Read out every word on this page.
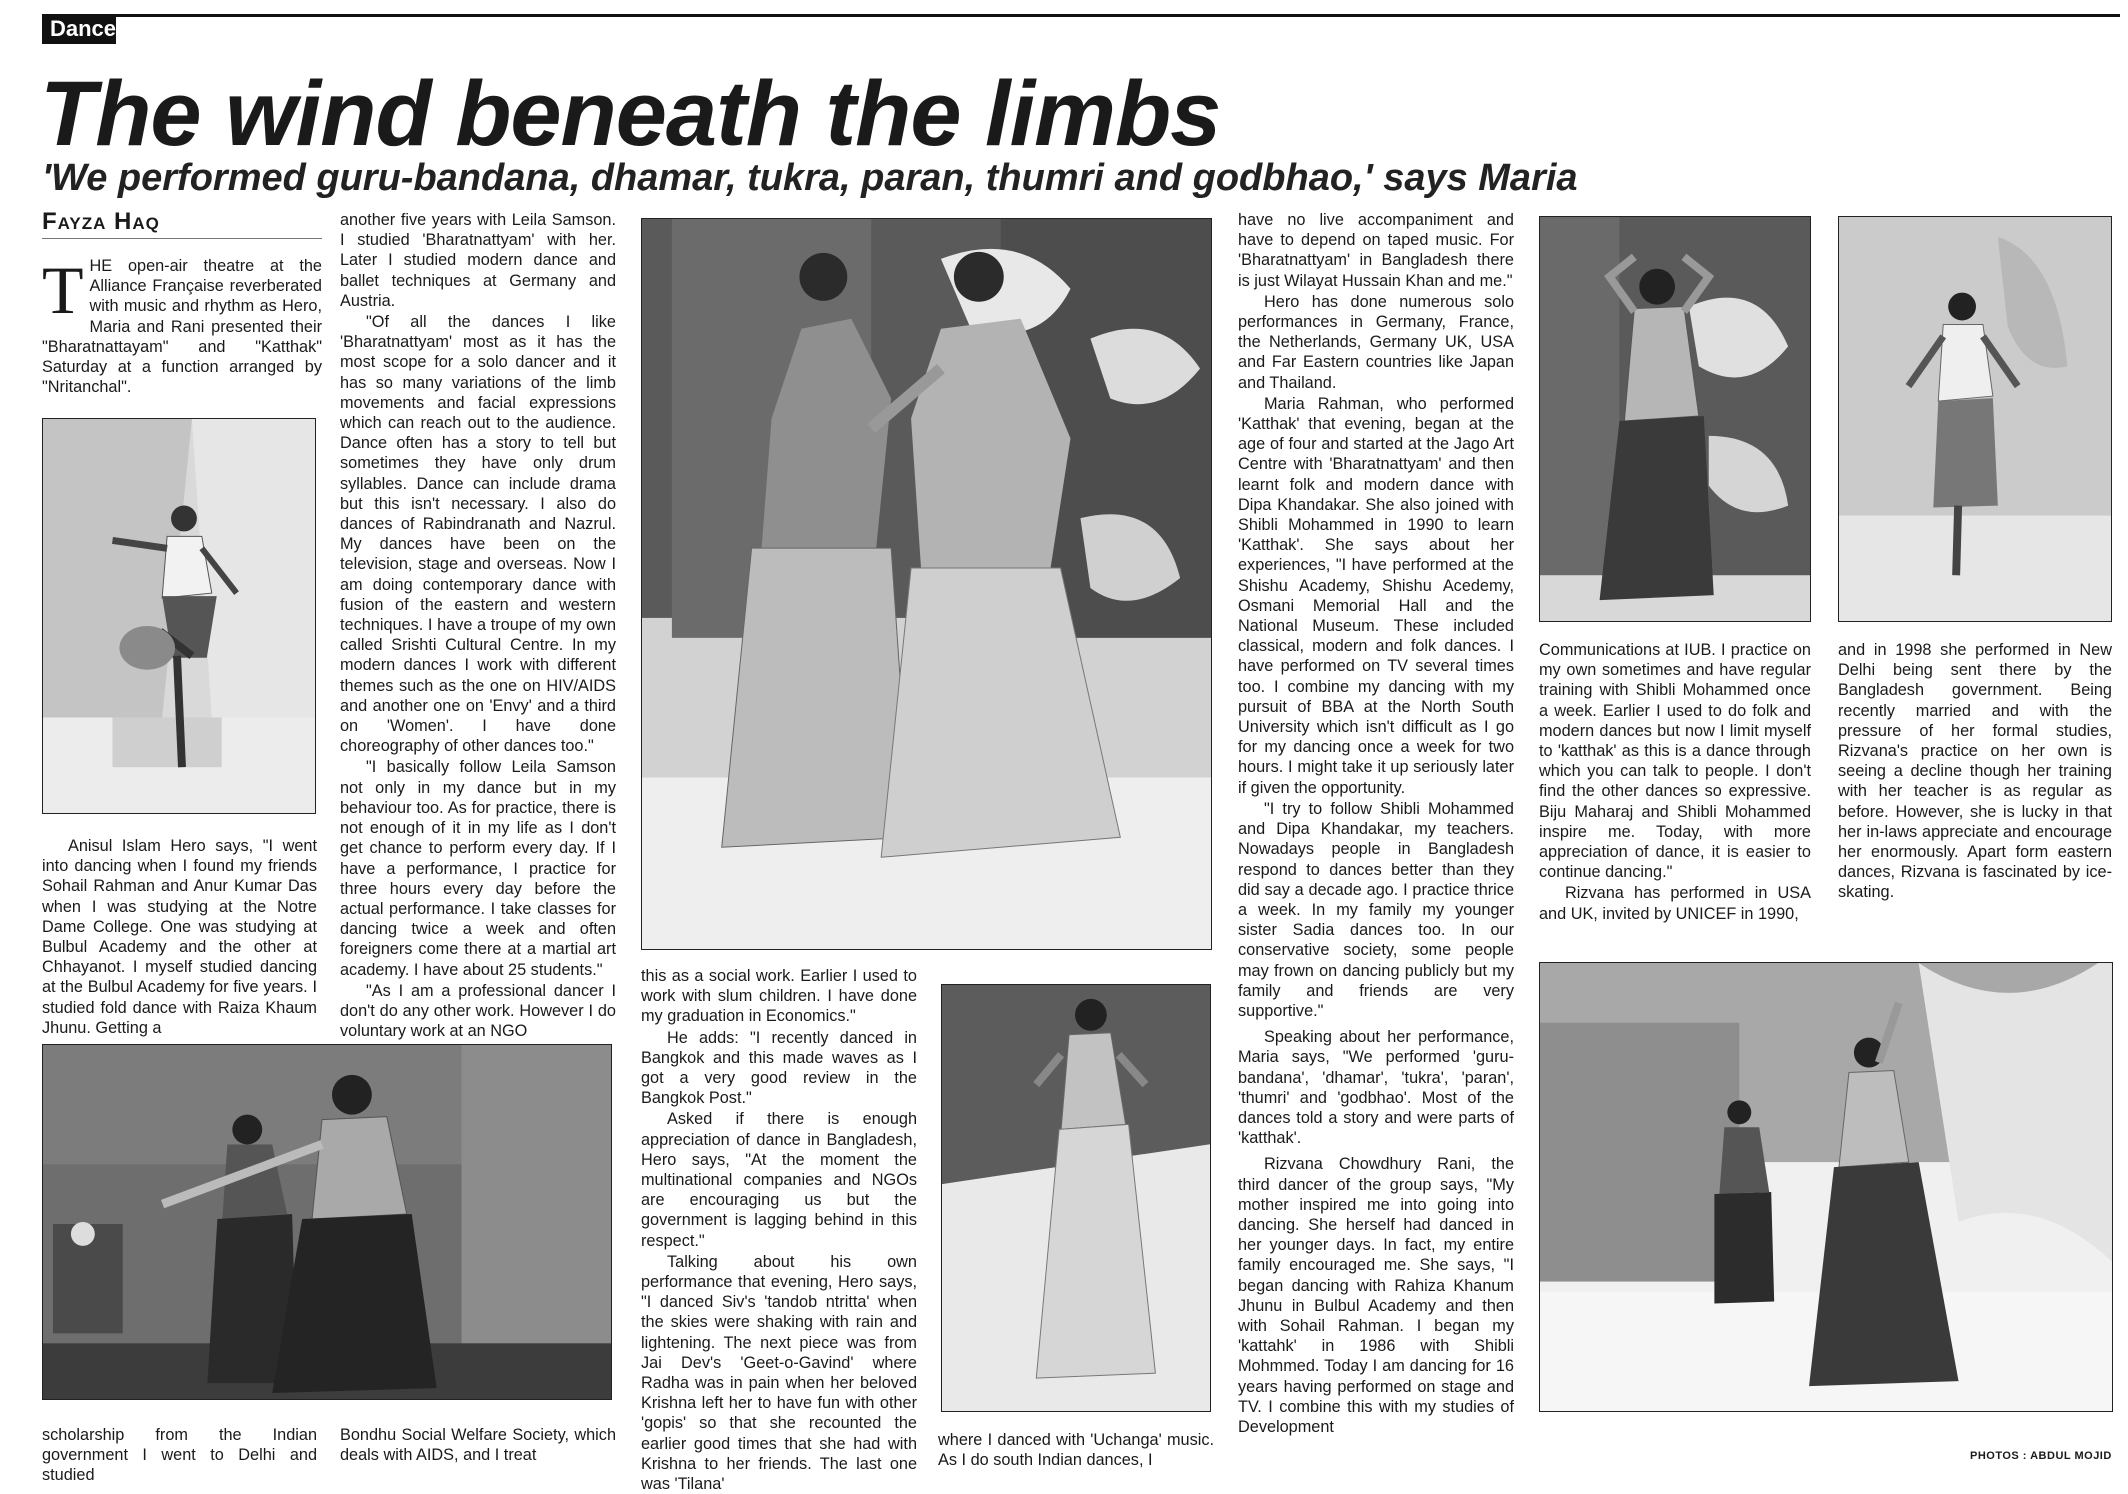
Dance
The wind beneath the limbs
'We performed guru-bandana, dhamar, tukra, paran, thumri and godbhao,' says Maria
Fayza Haq
T HE open-air theatre at the Alliance Française reverberated with music and rhythm as Hero, Maria and Rani presented their "Bharatnattayam" and "Katthak" Saturday at a function arranged by "Nritanchal".

Anisul Islam Hero says, "I went into dancing when I found my friends Sohail Rahman and Anur Kumar Das when I was studying at the Notre Dame College. One was studying at Bulbul Academy and the other at Chhayanot. I myself studied dancing at the Bulbul Academy for five years. I studied fold dance with Raiza Khaum Jhunu. Getting a

another five years with Leila Samson. I studied 'Bharatnattyam' with her. Later I studied modern dance and ballet techniques at Germany and Austria.

"Of all the dances I like 'Bharatnattyam' most as it has the most scope for a solo dancer and it has so many variations of the limb movements and facial expressions which can reach out to the audience. Dance often has a story to tell but sometimes they have only drum syllables. Dance can include drama but this isn't necessary. I also do dances of Rabindranath and Nazrul. My dances have been on the television, stage and overseas. Now I am doing contemporary dance with fusion of the eastern and western techniques. I have a troupe of my own called Srishti Cultural Centre. In my modern dances I work with different themes such as the one on HIV/AIDS and another one on 'Envy' and a third on 'Women'. I have done choreography of other dances too."

"I basically follow Leila Samson not only in my dance but in my behaviour too. As for practice, there is not enough of it in my life as I don't get chance to perform every day. If I have a performance, I practice for three hours every day before the actual performance. I take classes for dancing twice a week and often foreigners come there at a martial art academy. I have about 25 students."

"As I am a professional dancer I don't do any other work. However I do voluntary work at an NGO

this as a social work. Earlier I used to work with slum children. I have done my graduation in Economics."

He adds: "I recently danced in Bangkok and this made waves as I got a very good review in the Bangkok Post."

Asked if there is enough appreciation of dance in Bangladesh, Hero says, "At the moment the multinational companies and NGOs are encouraging us but the government is lagging behind in this respect."

Talking about his own performance that evening, Hero says, "I danced Siv's 'tandob ntritta' when the skies were shaking with rain and lightening. The next piece was from Jai Dev's 'Geet-o-Gavind' where Radha was in pain when her beloved Krishna left her to have fun with other 'gopis' so that she recounted the earlier good times that she had with Krishna to her friends. The last one was 'Tilana'

scholarship from the Indian government I went to Delhi and studied

Bondhu Social Welfare Society, which deals with AIDS, and I treat

where I danced with 'Uchanga' music. As I do south Indian dances, I

have no live accompaniment and have to depend on taped music. For 'Bharatnattyam' in Bangladesh there is just Wilayat Hussain Khan and me."

Hero has done numerous solo performances in Germany, France, the Netherlands, Germany UK, USA and Far Eastern countries like Japan and Thailand.

Maria Rahman, who performed 'Katthak' that evening, began at the age of four and started at the Jago Art Centre with 'Bharatnattyam' and then learnt folk and modern dance with Dipa Khandakar. She also joined with Shibli Mohammed in 1990 to learn 'Katthak'. She says about her experiences, "I have performed at the Shishu Academy, Shishu Acedemy, Osmani Memorial Hall and the National Museum. These included classical, modern and folk dances. I have performed on TV several times too. I combine my dancing with my pursuit of BBA at the North South University which isn't difficult as I go for my dancing once a week for two hours. I might take it up seriously later if given the opportunity.

"I try to follow Shibli Mohammed and Dipa Khandakar, my teachers. Nowadays people in Bangladesh respond to dances better than they did say a decade ago. I practice thrice a week. In my family my younger sister Sadia dances too. In our conservative society, some people may frown on dancing publicly but my family and friends are very supportive."

Speaking about her performance, Maria says, "We performed 'guru-bandana', 'dhamar', 'tukra', 'paran', 'thumri' and 'godbhao'. Most of the dances told a story and were parts of 'katthak'.

Rizvana Chowdhury Rani, the third dancer of the group says, "My mother inspired me into going into dancing. She herself had danced in her younger days. In fact, my entire family encouraged me. She says, "I began dancing with Rahiza Khanum Jhunu in Bulbul Academy and then with Sohail Rahman. I began my 'kattahk' in 1986 with Shibli Mohmmed. Today I am dancing for 16 years having performed on stage and TV. I combine this with my studies of Development

Communications at IUB. I practice on my own sometimes and have regular training with Shibli Mohammed once a week. Earlier I used to do folk and modern dances but now I limit myself to 'katthak' as this is a dance through which you can talk to people. I don't find the other dances so expressive. Biju Maharaj and Shibli Mohammed inspire me. Today, with more appreciation of dance, it is easier to continue dancing."

Rizvana has performed in USA and UK, invited by UNICEF in 1990,

and in 1998 she performed in New Delhi being sent there by the Bangladesh government. Being recently married and with the pressure of her formal studies, Rizvana's practice on her own is seeing a decline though her training with her teacher is as regular as before. However, she is lucky in that her in-laws appreciate and encourage her enormously. Apart form eastern dances, Rizvana is fascinated by ice-skating.

PHOTOS : ABDUL MOJID
